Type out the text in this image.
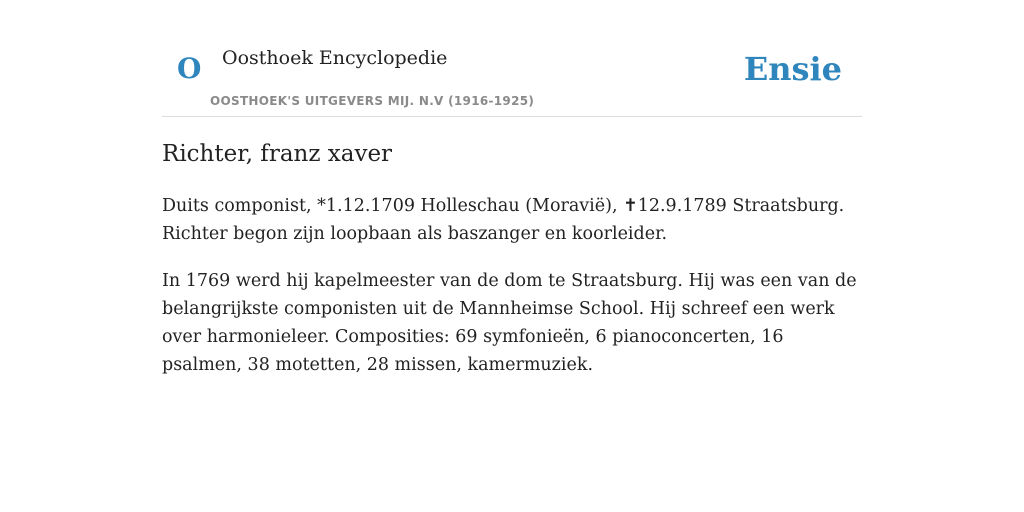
O Oosthoek Encyclopedie
OOSTHOEK'S UITGEVERS MIJ. N.V (1916-1925)
Ensie
Richter, franz xaver

Duits componist, *1.12.1709 Holleschau (Moravië), ✝12.9.1789 Straatsburg. Richter begon zijn loopbaan als baszanger en koorleider.

In 1769 werd hij kapelmeester van de dom te Straatsburg. Hij was een van de belangrijkste componisten uit de Mannheimse School. Hij schreef een werk over harmonieleer. Composities: 69 symfonieën, 6 pianoconcerten, 16 psalmen, 38 motetten, 28 missen, kamermuziek.
